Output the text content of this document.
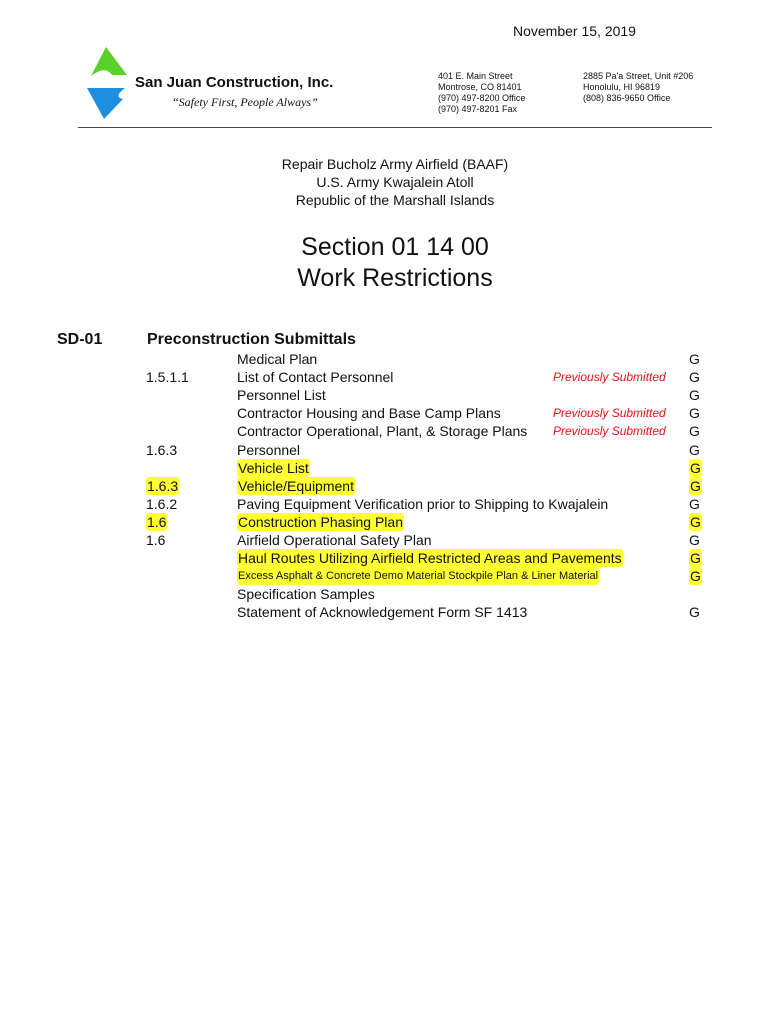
November 15, 2019
San Juan Construction, Inc.
“Safety First, People Always”
401 E. Main Street
Montrose, CO 81401
(970) 497-8200 Office
(970) 497-8201 Fax
2885 Pa'a Street, Unit #206
Honolulu, HI 96819
(808) 836-9650 Office
Repair Bucholz Army Airfield (BAAF)
U.S. Army Kwajalein Atoll
Republic of the Marshall Islands
Section 01 14 00
Work Restrictions
SD-01	Preconstruction Submittals
Medical Plan	G
1.5.1.1	List of Contact Personnel	Previously Submitted G
Personnel List	G
Contractor Housing and Base Camp Plans	Previously Submitted G
Contractor Operational, Plant, & Storage Plans Previously Submitted G
1.6.3	Personnel	G
Vehicle List	G
1.6.3	Vehicle/Equipment	G
1.6.2	Paving Equipment Verification prior to Shipping to Kwajalein	G
1.6	Construction Phasing Plan	G
1.6	Airfield Operational Safety Plan	G
Haul Routes Utilizing Airfield Restricted Areas and Pavements	G
Excess Asphalt & Concrete Demo Material Stockpile Plan & Liner Material	G
Specification Samples
Statement of Acknowledgement Form SF 1413	G
